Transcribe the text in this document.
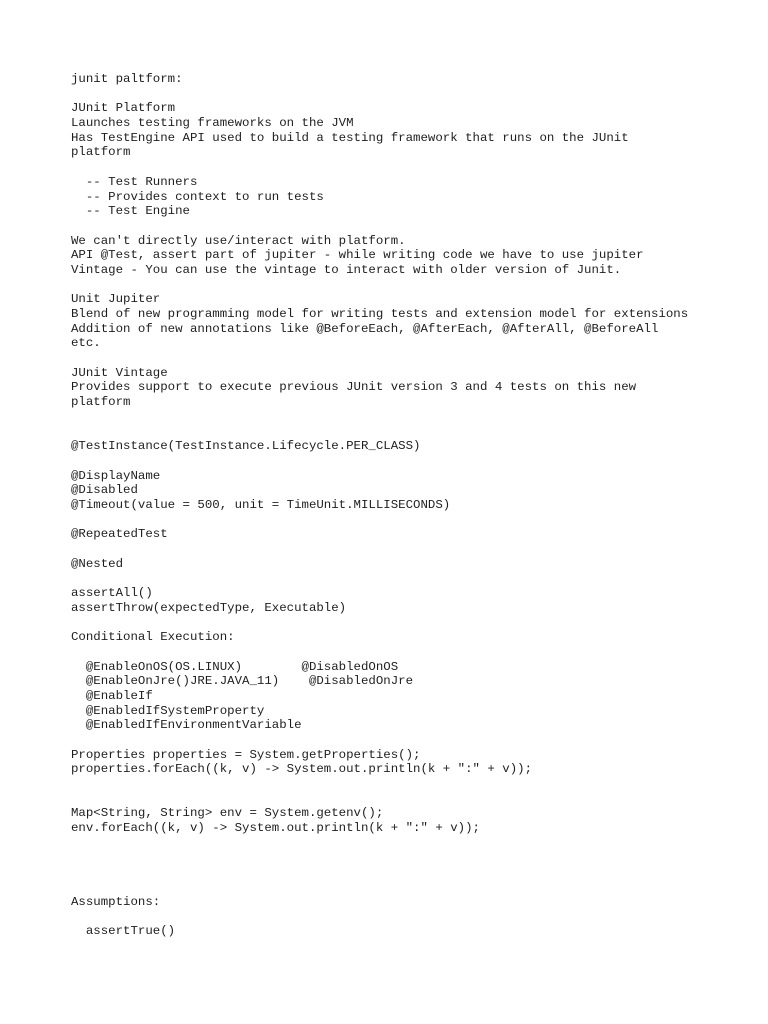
junit paltform:
JUnit Platform
Launches testing frameworks on the JVM
Has TestEngine API used to build a testing framework that runs on the JUnit
platform
-- Test Runners
-- Provides context to run tests
-- Test Engine
We can't directly use/interact with platform.
API @Test, assert part of jupiter - while writing code we have to use jupiter
Vintage - You can use the vintage to interact with older version of Junit.
Unit Jupiter
Blend of new programming model for writing tests and extension model for extensions
Addition of new annotations like @BeforeEach, @AfterEach, @AfterAll, @BeforeAll
etc.
JUnit Vintage
Provides support to execute previous JUnit version 3 and 4 tests on this new
platform
@TestInstance(TestInstance.Lifecycle.PER_CLASS)
@DisplayName
@Disabled
@Timeout(value = 500, unit = TimeUnit.MILLISECONDS)
@RepeatedTest
@Nested
assertAll()
assertThrow(expectedType, Executable)
Conditional Execution:
@EnableOnOS(OS.LINUX)        @DisabledOnOS
@EnableOnJre()JRE.JAVA_11)    @DisabledOnJre
@EnableIf
@EnabledIfSystemProperty
@EnabledIfEnvironmentVariable
Properties properties = System.getProperties();
properties.forEach((k, v) -> System.out.println(k + ":" + v));
Map<String, String> env = System.getenv();
env.forEach((k, v) -> System.out.println(k + ":" + v));
Assumptions:
assertTrue()
